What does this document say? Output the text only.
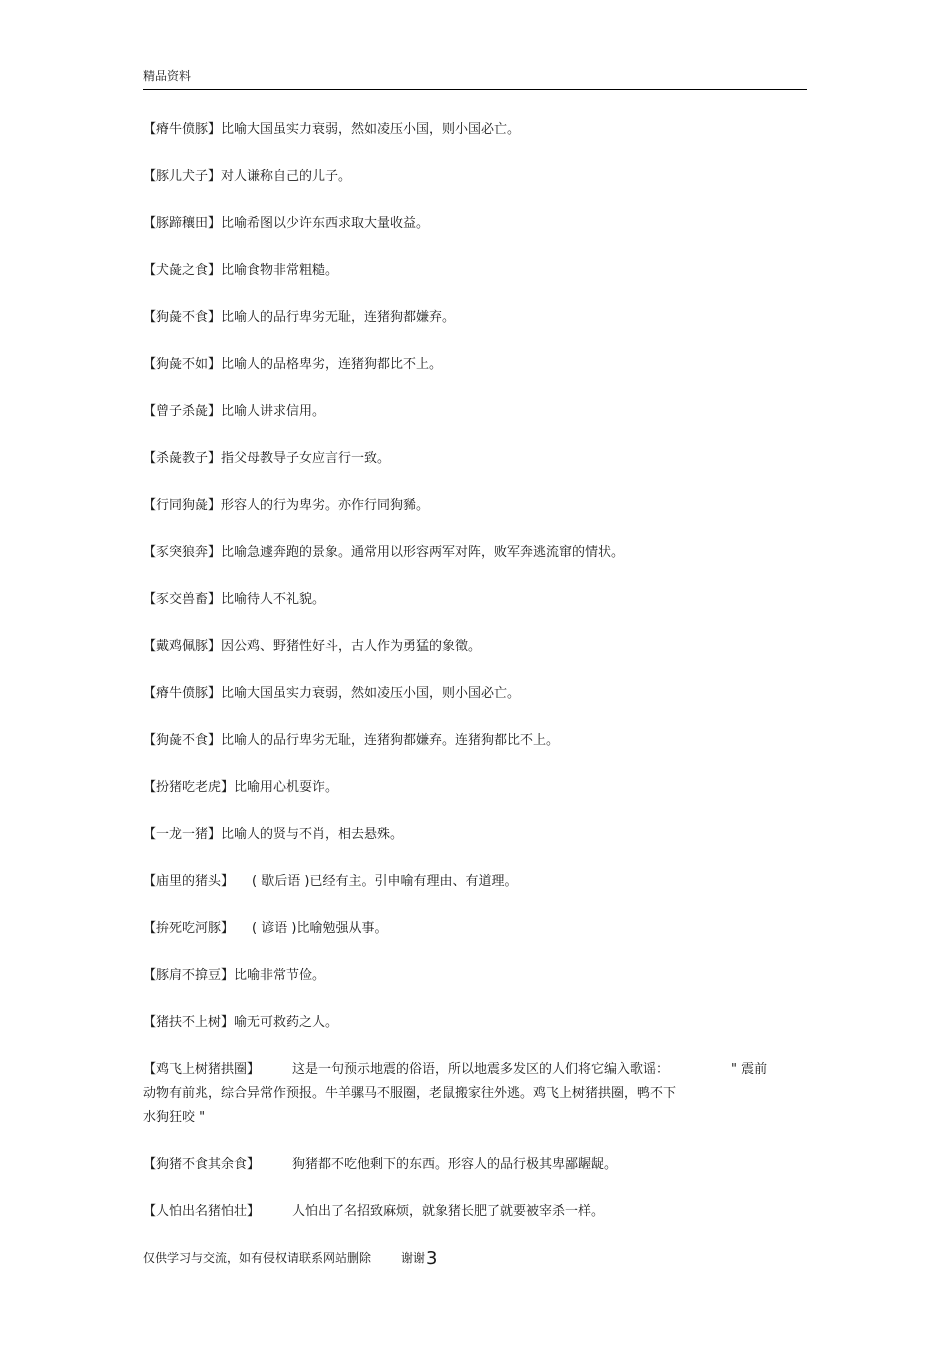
精品资料
【瘠牛偾豚】比喻大国虽实力衰弱，然如凌压小国，则小国必亡。
【豚儿犬子】对人谦称自己的儿子。
【豚蹄穰田】比喻希图以少许东西求取大量收益。
【犬彘之食】比喻食物非常粗糙。
【狗彘不食】比喻人的品行卑劣无耻，连猪狗都嫌弃。
【狗彘不如】比喻人的品格卑劣，连猪狗都比不上。
【曾子杀彘】比喻人讲求信用。
【杀彘教子】指父母教导子女应言行一致。
【行同狗彘】形容人的行为卑劣。亦作行同狗豨。
【豕突狼奔】比喻急遽奔跑的景象。通常用以形容两军对阵，败军奔逃流窜的情状。
【豕交兽畜】比喻待人不礼貌。
【戴鸡佩豚】因公鸡、野猪性好斗，古人作为勇猛的象徵。
【瘠牛偾豚】比喻大国虽实力衰弱，然如凌压小国，则小国必亡。
【狗彘不食】比喻人的品行卑劣无耻，连猪狗都嫌弃。连猪狗都比不上。
【扮猪吃老虎】比喻用心机耍诈。
【一龙一猪】比喻人的贤与不肖，相去悬殊。
【庙里的猪头】 ( 歇后语 )已经有主。引申喻有理由、有道理。
【拚死吃河豚】 ( 谚语 )比喻勉强从事。
【豚肩不揜豆】比喻非常节俭。
【猪扶不上树】喻无可救药之人。
【鸡飞上树猪拱圈】 这是一句预示地震的俗语，所以地震多发区的人们将它编入歌谣：	" 震前
动物有前兆，综合异常作预报。牛羊骡马不服圈，老鼠搬家往外逃。鸡飞上树猪拱圈，鸭不下
水狗狂咬 "
【狗猪不食其余食】 狗猪都不吃他剩下的东西。形容人的品行极其卑鄙龌龊。
【人怕出名猪怕壮】 人怕出了名招致麻烦，就象猪长肥了就要被宰杀一样。
仅供学习与交流，如有侵权请联系网站删除	谢谢3
